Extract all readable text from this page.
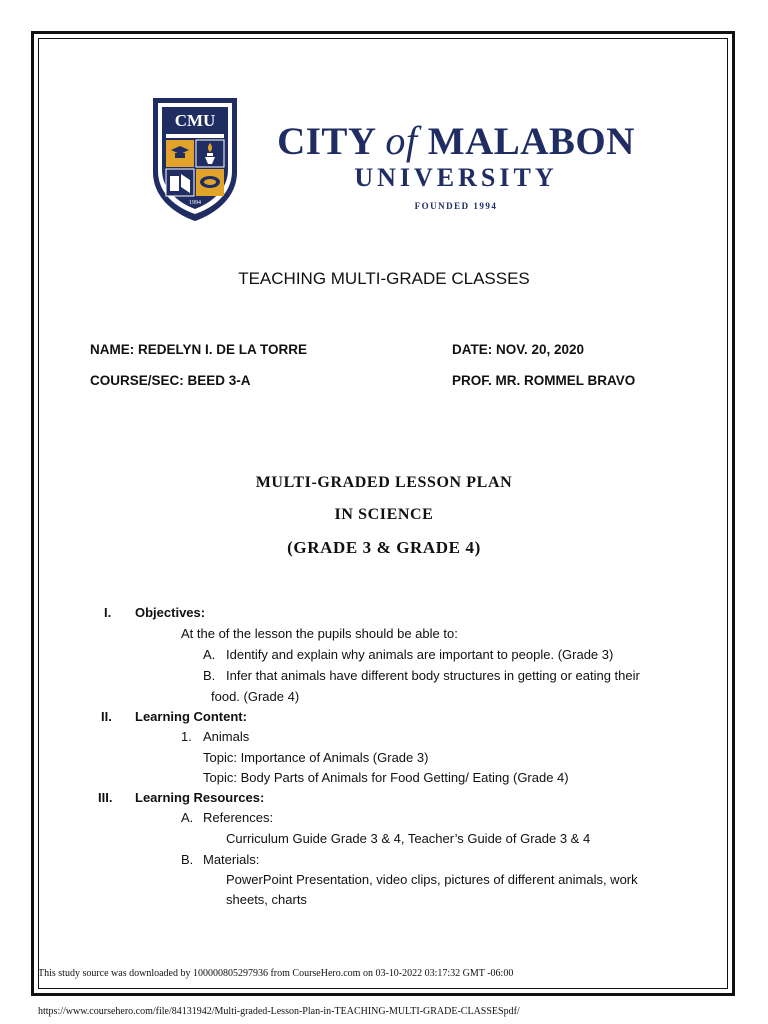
CMU
1994
CITY of MALABON
UNIVERSITY
FOUNDED 1994
TEACHING MULTI-GRADE CLASSES
NAME: REDELYN I. DE LA TORRE	DATE: NOV. 20, 2020
COURSE/SEC: BEED 3-A	PROF. MR. ROMMEL BRAVO
MULTI-GRADED LESSON PLAN
IN SCIENCE
(GRADE 3 & GRADE 4)
I. Objectives:
At the of the lesson the pupils should be able to:
A. Identify and explain why animals are important to people. (Grade 3)
B. Infer that animals have different body structures in getting or eating their
food. (Grade 4)
II. Learning Content:
1. Animals
Topic: Importance of Animals (Grade 3)
Topic: Body Parts of Animals for Food Getting/ Eating (Grade 4)
III. Learning Resources:
A. References:
Curriculum Guide Grade 3 & 4, Teacher’s Guide of Grade 3 & 4
B. Materials:
PowerPoint Presentation, video clips, pictures of different animals, work
sheets, charts
This study source was downloaded by 100000805297936 from CourseHero.com on 03-10-2022 03:17:32 GMT -06:00
https://www.coursehero.com/file/84131942/Multi-graded-Lesson-Plan-in-TEACHING-MULTI-GRADE-CLASSESpdf/
